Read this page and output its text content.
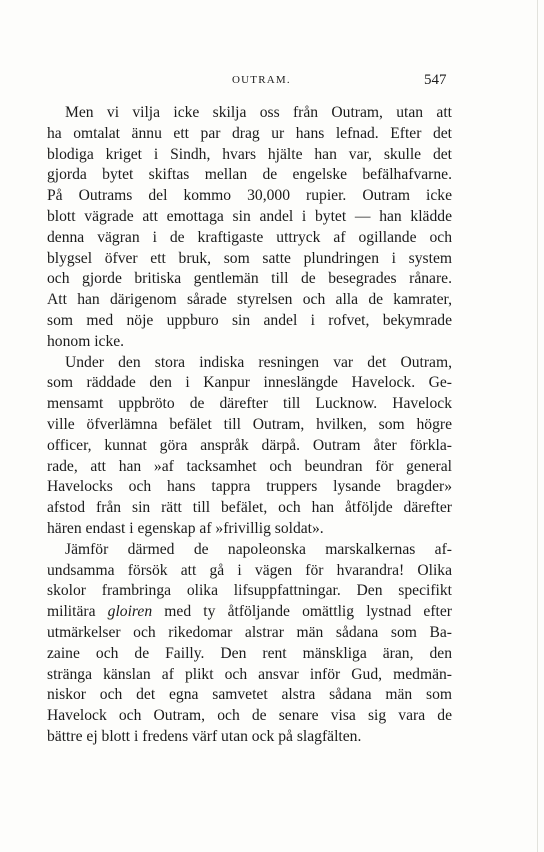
OUTRAM.	547
Men vi vilja icke skilja oss från Outram, utan att
ha omtalat ännu ett par drag ur hans lefnad. Efter det
blodiga kriget i Sindh, hvars hjälte han var, skulle det
gjorda bytet skiftas mellan de engelske befälhafvarne.
På Outrams del kommo 30,000 rupier. Outram icke
blott vägrade att emottaga sin andel i bytet — han klädde
denna vägran i de kraftigaste uttryck af ogillande och
blygsel öfver ett bruk, som satte plundringen i system
och gjorde britiska gentlemän till de besegrades rånare.
Att han därigenom sårade styrelsen och alla de kamrater,
som med nöje uppburo sin andel i rofvet, bekymrade
honom icke.
Under den stora indiska resningen var det Outram,
som räddade den i Kanpur inneslängde Havelock. Ge-
mensamt uppbröto de därefter till Lucknow. Havelock
ville öfverlämna befälet till Outram, hvilken, som högre
officer, kunnat göra anspråk därpå. Outram åter förkla-
rade, att han »af tacksamhet och beundran för general
Havelocks och hans tappra truppers lysande bragder»
afstod från sin rätt till befälet, och han åtföljde därefter
hären endast i egenskap af »frivillig soldat».
Jämför därmed de napoleonska marskalkernas af-
undsamma försök att gå i vägen för hvarandra! Olika
skolor frambringa olika lifsuppfattningar. Den specifikt
militära gloiren med ty åtföljande omättlig lystnad efter
utmärkelser och rikedomar alstrar män sådana som Ba-
zaine och de Failly. Den rent mänskliga äran, den
stränga känslan af plikt och ansvar inför Gud, medmän-
niskor och det egna samvetet alstra sådana män som
Havelock och Outram, och de senare visa sig vara de
bättre ej blott i fredens värf utan ock på slagfälten.
